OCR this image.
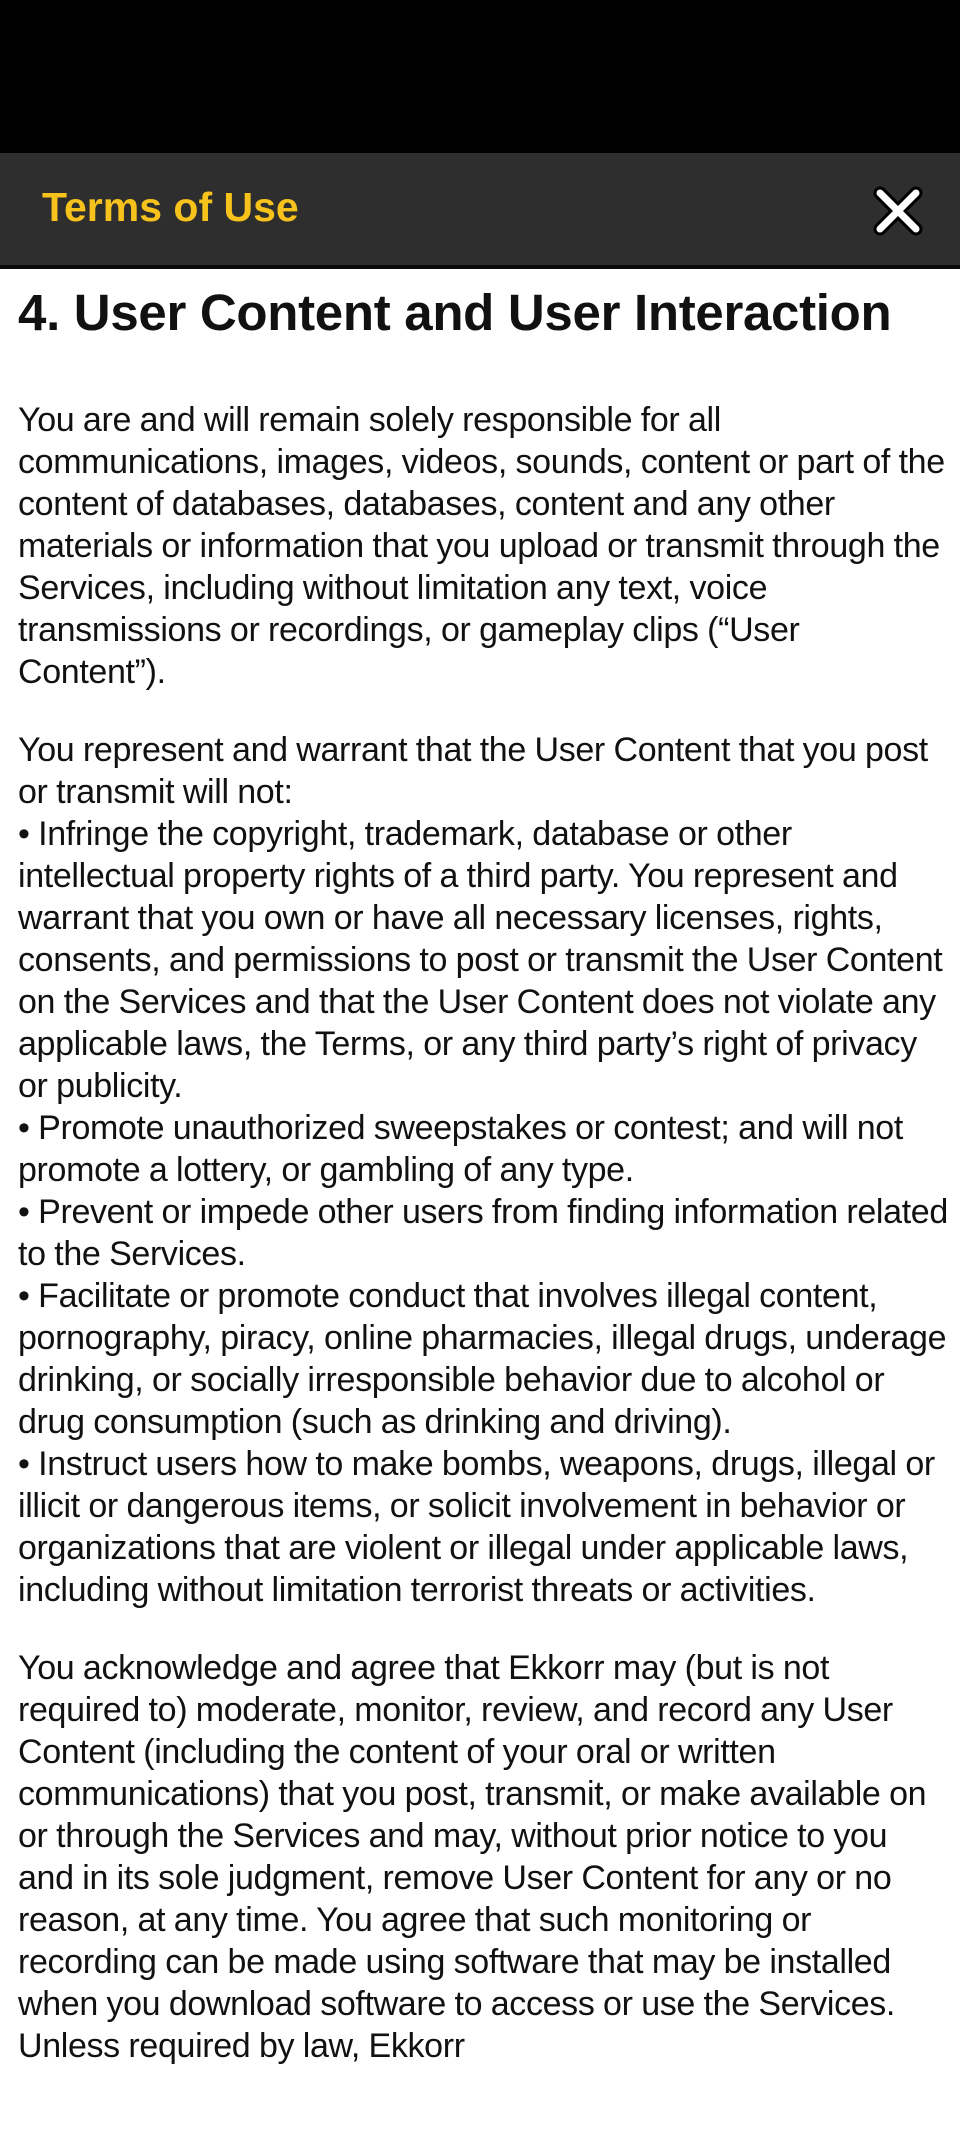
Terms of Use
4. User Content and User Interaction

You are and will remain solely responsible for all communications, images, videos, sounds, content or part of the content of databases, databases, content and any other materials or information that you upload or transmit through the Services, including without limitation any text, voice transmissions or recordings, or gameplay clips (“User Content”).

You represent and warrant that the User Content that you post or transmit will not:
• Infringe the copyright, trademark, database or other intellectual property rights of a third party. You represent and warrant that you own or have all necessary licenses, rights, consents, and permissions to post or transmit the User Content on the Services and that the User Content does not violate any applicable laws, the Terms, or any third party’s right of privacy or publicity.
• Promote unauthorized sweepstakes or contest; and will not promote a lottery, or gambling of any type.
• Prevent or impede other users from finding information related to the Services.
• Facilitate or promote conduct that involves illegal content, pornography, piracy, online pharmacies, illegal drugs, underage drinking, or socially irresponsible behavior due to alcohol or drug consumption (such as drinking and driving).
• Instruct users how to make bombs, weapons, drugs, illegal or illicit or dangerous items, or solicit involvement in behavior or organizations that are violent or illegal under applicable laws, including without limitation terrorist threats or activities.

You acknowledge and agree that Ekkorr may (but is not required to) moderate, monitor, review, and record any User Content (including the content of your oral or written communications) that you post, transmit, or make available on or through the Services and may, without prior notice to you and in its sole judgment, remove User Content for any or no reason, at any time. You agree that such monitoring or recording can be made using software that may be installed when you download software to access or use the Services. Unless required by law, Ekkorr
